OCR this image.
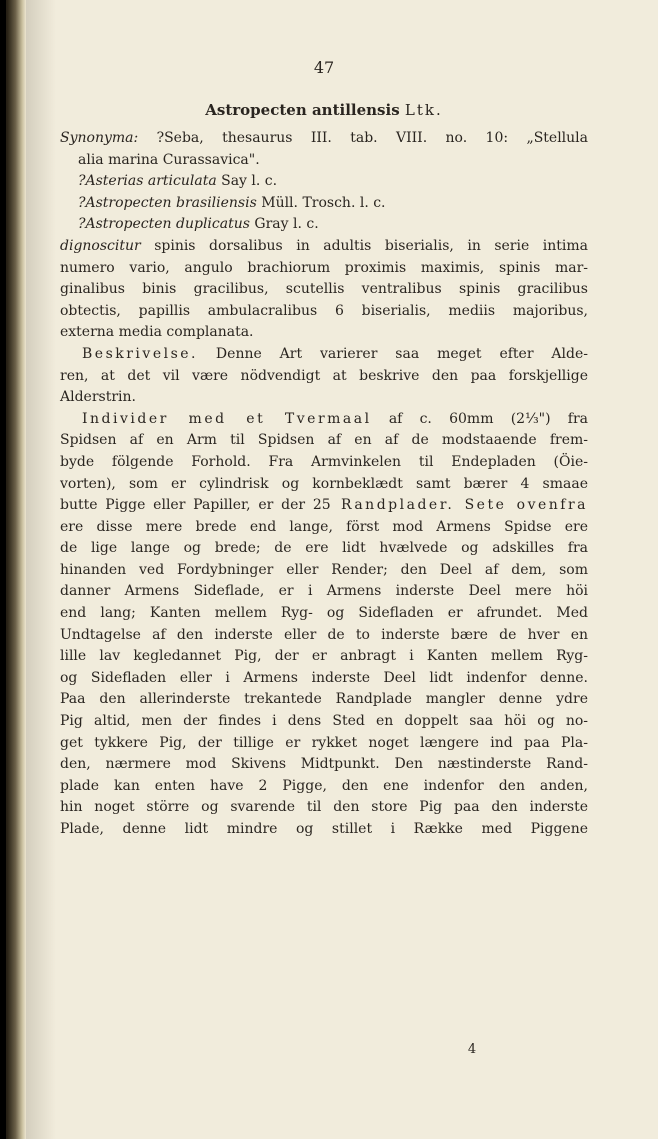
47
Astropecten antillensis Ltk.
Synonyma: ?Seba, thesaurus III. tab. VIII. no. 10: „Stellula
alia marina Curassavica".
?Asterias articulata Say l. c.
?Astropecten brasiliensis Müll. Trosch. l. c.
?Astropecten duplicatus Gray l. c.
dignoscitur spinis dorsalibus in adultis biserialis, in serie intima
numero vario, angulo brachiorum proximis maximis, spinis mar-
ginalibus binis gracilibus, scutellis ventralibus spinis gracilibus
obtectis, papillis ambulacralibus 6 biserialis, mediis majoribus,
externa media complanata.
Beskrivelse. Denne Art varierer saa meget efter Alde-
ren, at det vil være nödvendigt at beskrive den paa forskjellige
Alderstrin.
Individer med et Tvermaal af c. 60mm (2⅓") fra
Spidsen af en Arm til Spidsen af en af de modstaaende frem-
byde fölgende Forhold. Fra Armvinkelen til Endepladen (Öie-
vorten), som er cylindrisk og kornbeklædt samt bærer 4 smaae
butte Pigge eller Papiller, er der 25 Randplader. Sete ovenfra
ere disse mere brede end lange, först mod Armens Spidse ere
de lige lange og brede; de ere lidt hvælvede og adskilles fra
hinanden ved Fordybninger eller Render; den Deel af dem, som
danner Armens Sideflade, er i Armens inderste Deel mere höi
end lang; Kanten mellem Ryg- og Sidefladen er afrundet. Med
Undtagelse af den inderste eller de to inderste bære de hver en
lille lav kegledannet Pig, der er anbragt i Kanten mellem Ryg-
og Sidefladen eller i Armens inderste Deel lidt indenfor denne.
Paa den allerinderste trekantede Randplade mangler denne ydre
Pig altid, men der findes i dens Sted en doppelt saa höi og no-
get tykkere Pig, der tillige er rykket noget længere ind paa Pla-
den, nærmere mod Skivens Midtpunkt. Den næstinderste Rand-
plade kan enten have 2 Pigge, den ene indenfor den anden,
hin noget större og svarende til den store Pig paa den inderste
Plade, denne lidt mindre og stillet i Række med Piggene
4
